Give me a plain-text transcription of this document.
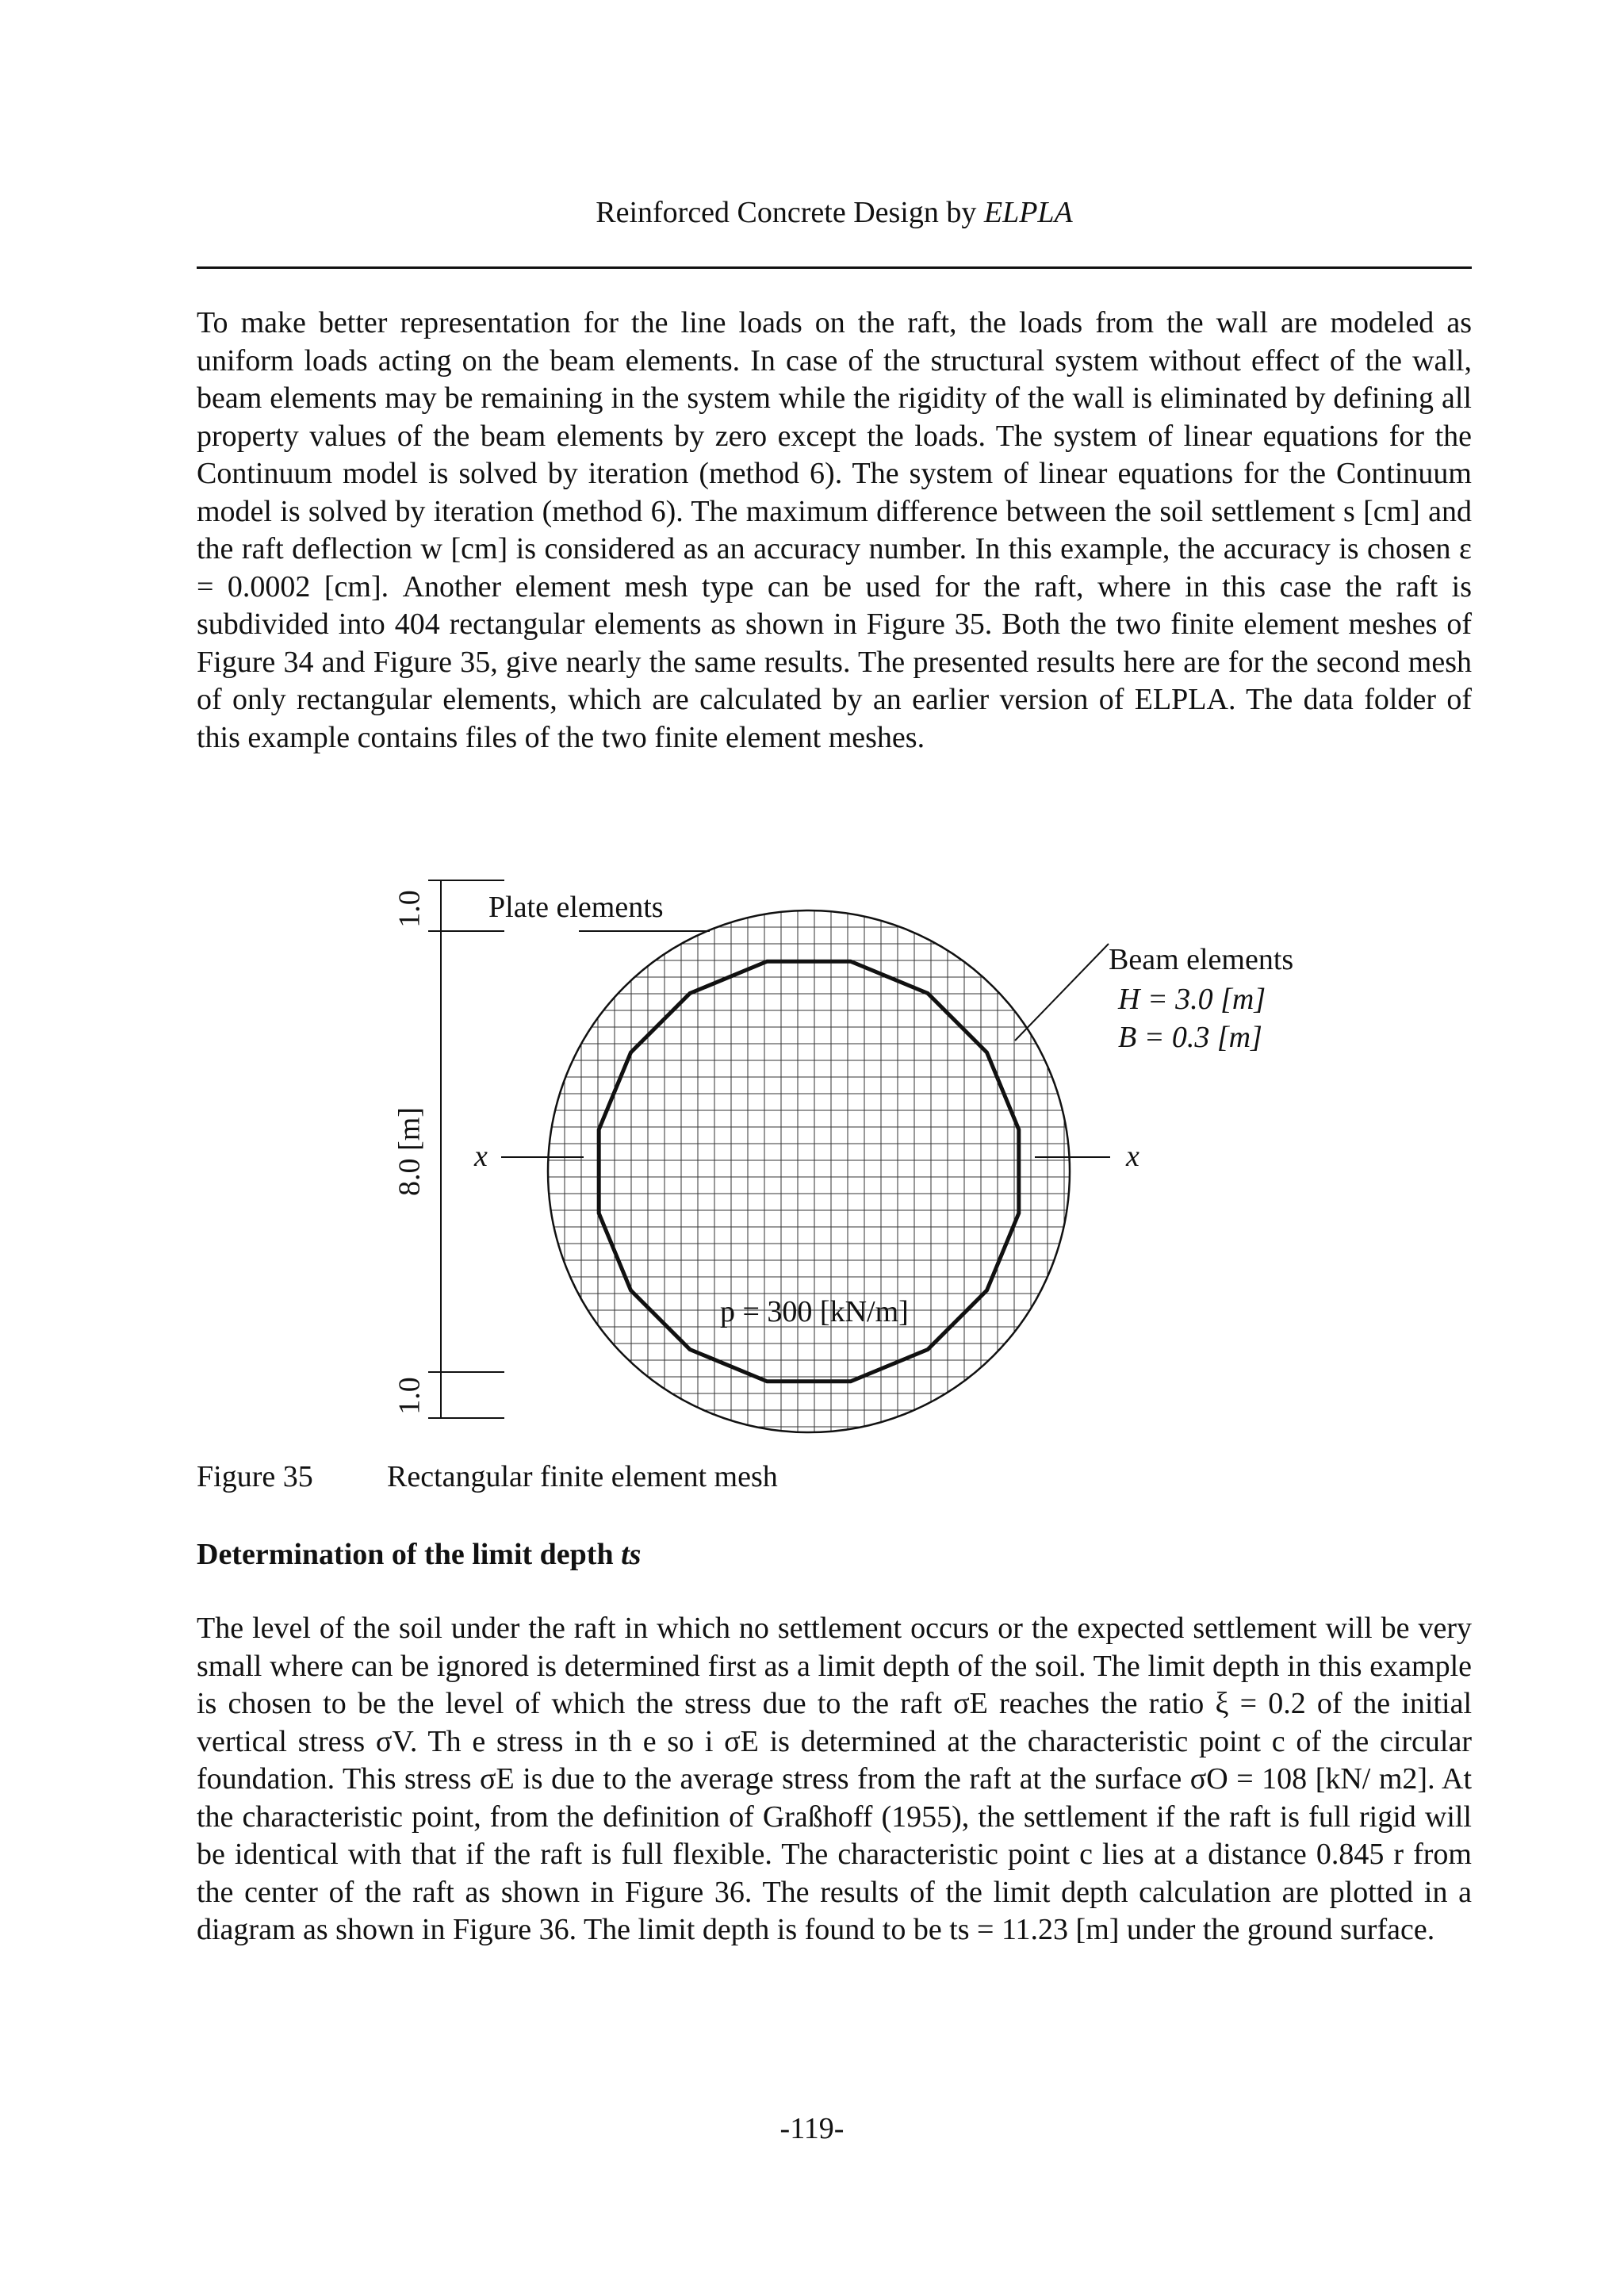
Reinforced Concrete Design by ELPLA

To make better representation for the line loads on the raft, the loads from the wall are modeled as uniform loads acting on the beam elements. In case of the structural system without effect of the wall, beam elements may be remaining in the system while the rigidity of the wall is eliminated by defining all property values of the beam elements by zero except the loads. The system of linear equations for the Continuum model is solved by iteration (method 6). The system of linear equations for the Continuum model is solved by iteration (method 6). The maximum difference between the soil settlement s [cm] and the raft deflection w [cm] is considered as an accuracy number. In this example, the accuracy is chosen ε = 0.0002 [cm]. Another element mesh type can be used for the raft, where in this case the raft is subdivided into 404 rectangular elements as shown in Figure 35. Both the two finite element meshes of Figure 34 and Figure 35, give nearly the same results. The presented results here are for the second mesh of only rectangular elements, which are calculated by an earlier version of ELPLA. The data folder of this example contains files of the two finite element meshes.

1.0
8.0 [m]
1.0
Plate elements
Beam elements
H = 3.0 [m]
B = 0.3 [m]
x	x
p = 300 [kN/m]
Figure 35 Rectangular finite element mesh
Determination of the limit depth ts

The level of the soil under the raft in which no settlement occurs or the expected settlement will be very small where can be ignored is determined first as a limit depth of the soil. The limit depth in this example is chosen to be the level of which the stress due to the raft σE reaches the ratio ξ = 0.2 of the initial vertical stress σV. Th e stress in th e so i σE is determined at the characteristic point c of the circular foundation. This stress σE is due to the average stress from the raft at the surface σO = 108 [kN/ m2]. At the characteristic point, from the definition of Graßhoff (1955), the settlement if the raft is full rigid will be identical with that if the raft is full flexible. The characteristic point c lies at a distance 0.845 r from the center of the raft as shown in Figure 36. The results of the limit depth calculation are plotted in a diagram as shown in Figure 36. The limit depth is found to be ts = 11.23 [m] under the ground surface.

-119-
